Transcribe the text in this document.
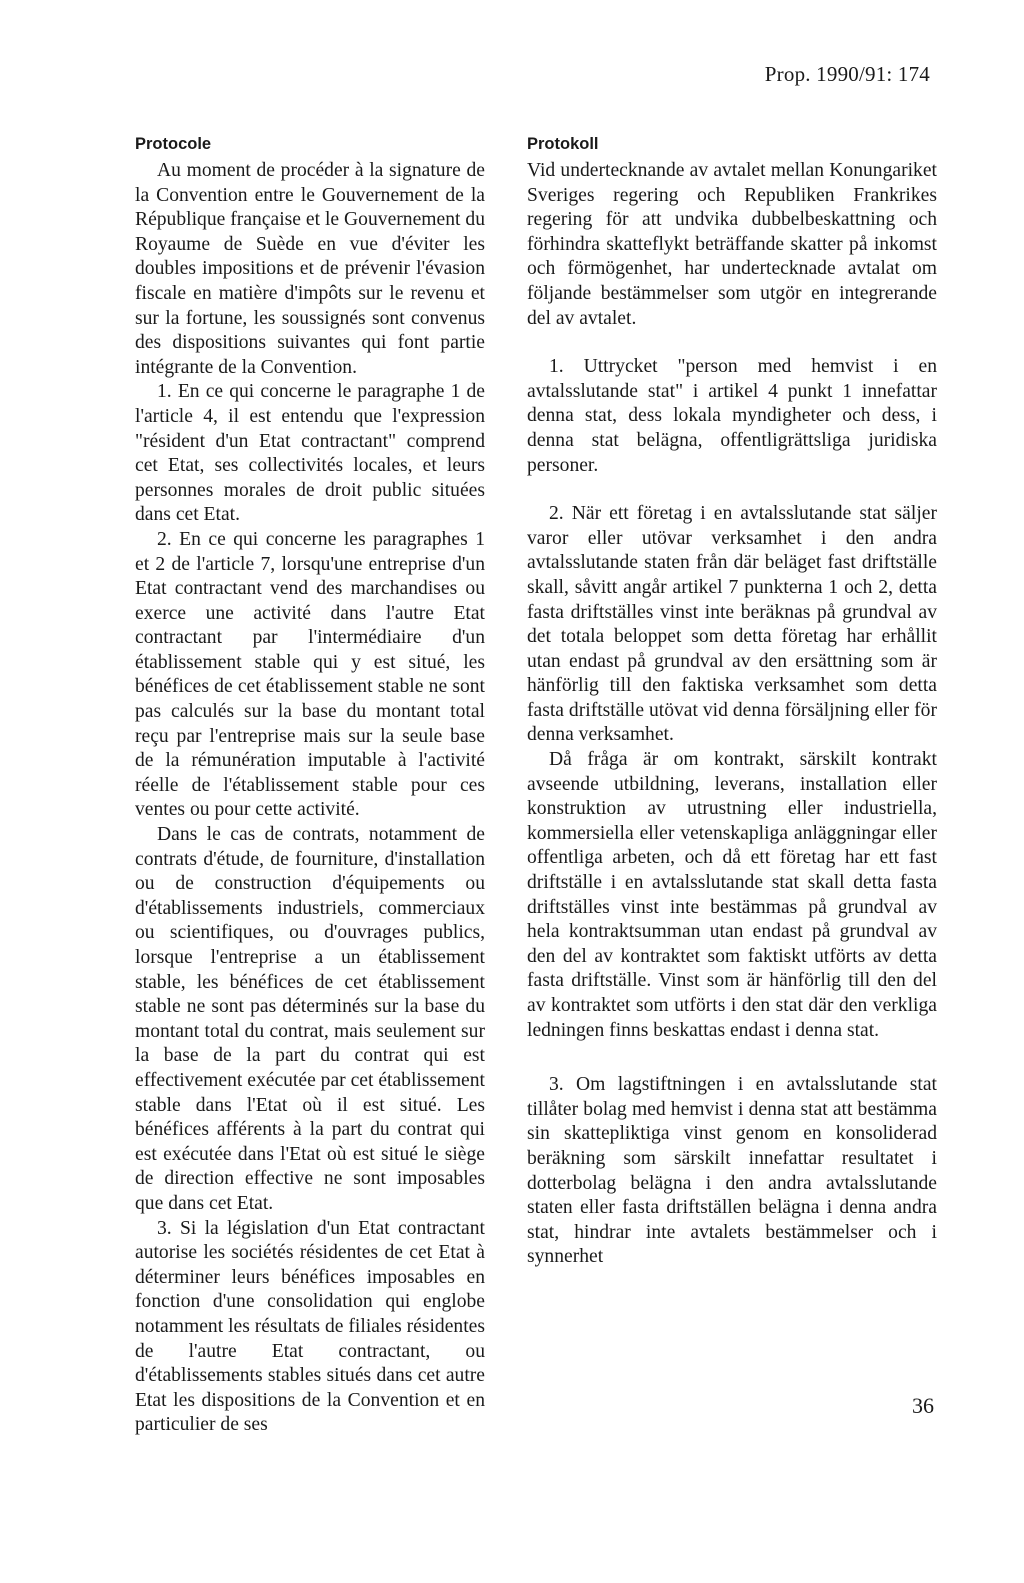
Prop. 1990/91: 174
Protocole

Au moment de procéder à la signature de la Convention entre le Gouvernement de la République française et le Gouvernement du Royaume de Suède en vue d'éviter les doubles impositions et de prévenir l'évasion fiscale en matière d'impôts sur le revenu et sur la fortune, les soussignés sont convenus des dispositions suivantes qui font partie intégrante de la Convention.

1. En ce qui concerne le paragraphe 1 de l'article 4, il est entendu que l'expression "résident d'un Etat contractant" comprend cet Etat, ses collectivités locales, et leurs personnes morales de droit public situées dans cet Etat.

2. En ce qui concerne les paragraphes 1 et 2 de l'article 7, lorsqu'une entreprise d'un Etat contractant vend des marchandises ou exerce une activité dans l'autre Etat contractant par l'intermédiaire d'un établissement stable qui y est situé, les bénéfices de cet établissement stable ne sont pas calculés sur la base du montant total reçu par l'entreprise mais sur la seule base de la rémunération imputable à l'activité réelle de l'établissement stable pour ces ventes ou pour cette activité.

Dans le cas de contrats, notamment de contrats d'étude, de fourniture, d'installation ou de construction d'équipements ou d'établissements industriels, commerciaux ou scientifiques, ou d'ouvrages publics, lorsque l'entreprise a un établissement stable, les bénéfices de cet établissement stable ne sont pas déterminés sur la base du montant total du contrat, mais seulement sur la base de la part du contrat qui est effectivement exécutée par cet établissement stable dans l'Etat où il est situé. Les bénéfices afférents à la part du contrat qui est exécutée dans l'Etat où est situé le siège de direction effective ne sont imposables que dans cet Etat.

3. Si la législation d'un Etat contractant autorise les sociétés résidentes de cet Etat à déterminer leurs bénéfices imposables en fonction d'une consolidation qui englobe notamment les résultats de filiales résidentes de l'autre Etat contractant, ou d'établissements stables situés dans cet autre Etat les dispositions de la Convention et en particulier de ses

Protokoll

Vid undertecknande av avtalet mellan Konungariket Sveriges regering och Republiken Frankrikes regering för att undvika dubbelbeskattning och förhindra skatteflykt beträffande skatter på inkomst och förmögenhet, har undertecknade avtalat om följande bestämmelser som utgör en integrerande del av avtalet.

1. Uttrycket "person med hemvist i en avtalsslutande stat" i artikel 4 punkt 1 innefattar denna stat, dess lokala myndigheter och dess, i denna stat belägna, offentligrättsliga juridiska personer.

2. När ett företag i en avtalsslutande stat säljer varor eller utövar verksamhet i den andra avtalsslutande staten från där beläget fast driftställe skall, såvitt angår artikel 7 punkterna 1 och 2, detta fasta driftställes vinst inte beräknas på grundval av det totala beloppet som detta företag har erhållit utan endast på grundval av den ersättning som är hänförlig till den faktiska verksamhet som detta fasta driftställe utövat vid denna försäljning eller för denna verksamhet.

Då fråga är om kontrakt, särskilt kontrakt avseende utbildning, leverans, installation eller konstruktion av utrustning eller industriella, kommersiella eller vetenskapliga anläggningar eller offentliga arbeten, och då ett företag har ett fast driftställe i en avtalsslutande stat skall detta fasta driftställes vinst inte bestämmas på grundval av hela kontraktsumman utan endast på grundval av den del av kontraktet som faktiskt utförts av detta fasta driftställe. Vinst som är hänförlig till den del av kontraktet som utförts i den stat där den verkliga ledningen finns beskattas endast i denna stat.

3. Om lagstiftningen i en avtalsslutande stat tillåter bolag med hemvist i denna stat att bestämma sin skattepliktiga vinst genom en konsoliderad beräkning som särskilt innefattar resultatet i dotterbolag belägna i den andra avtalsslutande staten eller fasta driftställen belägna i denna andra stat, hindrar inte avtalets bestämmelser och i synnerhet

36
